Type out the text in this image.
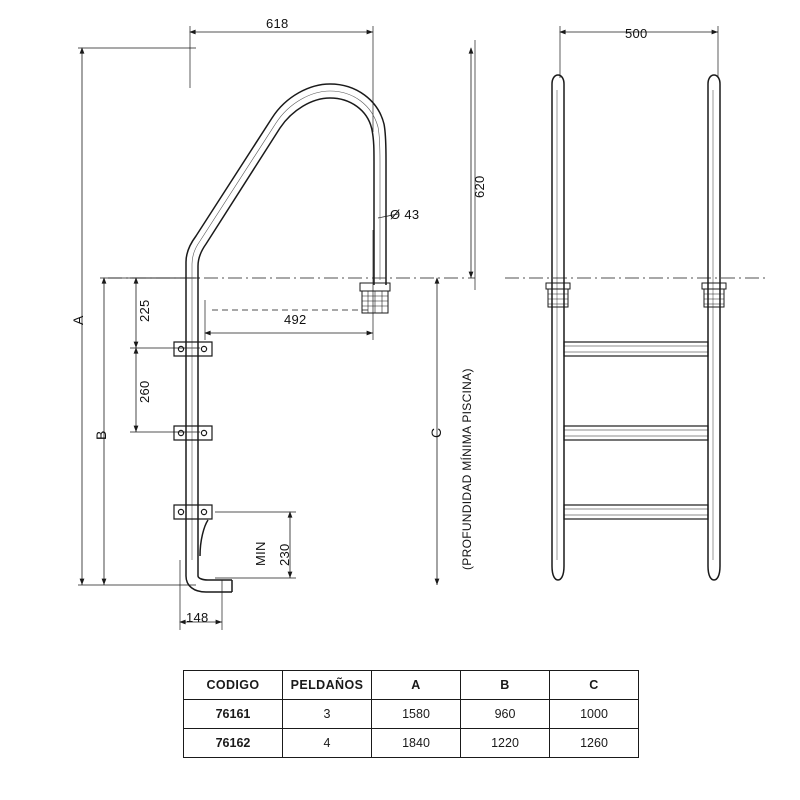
618
500
Ø 43
492
148
620
225
260
MIN 230
A
B	C (PROFUNDIDAD MÍNIMA PISCINA)
CODIGO	PELDAÑOS	A	B	C
76161	3	1580	960	1000
76162	4	1840	1220	1260
